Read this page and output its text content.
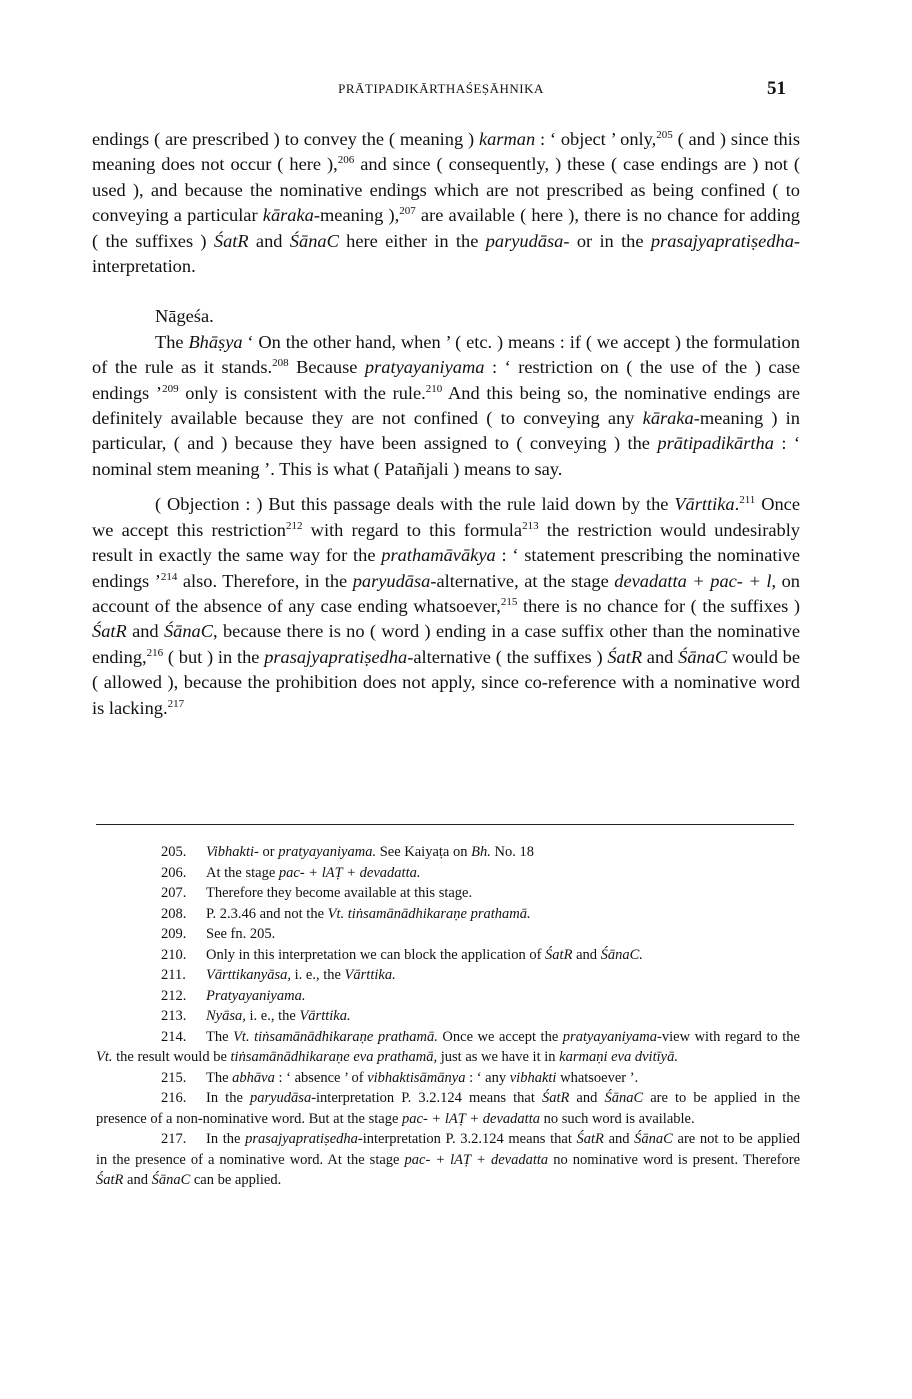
PRĀTIPADIKĀRTHAŚEṢĀHNIKA	51

endings ( are prescribed ) to convey the ( meaning ) karman : ‘ object ’ only,$^{205}$ ( and ) since this meaning does not occur ( here ),$^{206}$ and since ( consequently, ) these ( case endings are ) not ( used ), and because the nominative endings which are not prescribed as being confined ( to conveying a particular kāraka-meaning ),$^{207}$ are available ( here ), there is no chance for adding ( the suffixes ) ŚatR and ŚānaC here either in the paryudāsa- or in the prasajyapratiṣedha- interpretation.

Nāgeśa.

The Bhāṣya ‘ On the other hand, when ’ ( etc. ) means : if ( we accept ) the formulation of the rule as it stands.$^{208}$ Because pratyayaniyama : ‘ restriction on ( the use of the ) case endings ’$^{209}$ only is consistent with the rule.$^{210}$ And this being so, the nominative endings are definitely available because they are not confined ( to conveying any kāraka-meaning ) in particular, ( and ) because they have been assigned to ( conveying ) the prātipadikārtha : ‘ nominal stem meaning ’. This is what ( Patañjali ) means to say.

( Objection : ) But this passage deals with the rule laid down by the Vārttika.$^{211}$ Once we accept this restriction$^{212}$ with regard to this formula$^{213}$ the restriction would undesirably result in exactly the same way for the prathamāvākya : ‘ statement prescribing the nominative endings ’$^{214}$ also. Therefore, in the paryudāsa-alternative, at the stage devadatta + pac- + l, on account of the absence of any case ending whatsoever,$^{215}$ there is no chance for ( the suffixes ) ŚatR and ŚānaC, because there is no ( word ) ending in a case suffix other than the nominative ending,$^{216}$ ( but ) in the prasajyapratiṣedha-alternative ( the suffixes ) ŚatR and ŚānaC would be ( allowed ), because the prohibition does not apply, since co-reference with a nominative word is lacking.$^{217}$

205.	Vibhakti- or pratyayaniyama. See Kaiyaṭa on Bh. No. 18
206.	At the stage pac- + lAṬ + devadatta.
207.	Therefore they become available at this stage.
208.	P. 2.3.46 and not the Vt. tiṅsamānādhikaraṇe prathamā.
209.	See fn. 205.
210.	Only in this interpretation we can block the application of ŚatR and ŚānaC.
211.	Vārttikanyāsa, i. e., the Vārttika.
212.	Pratyayaniyama.
213.	Nyāsa, i. e., the Vārttika.
214. The Vt. tiṅsamānādhikaraṇe prathamā. Once we accept the pratyayaniyama-view with regard to the Vt. the result would be tiṅsamānādhikaraṇe eva prathamā, just as we have it in karmaṇi eva dvitīyā.
215.	The abhāva : ‘ absence ’ of vibhaktisāmānya : ‘ any vibhakti whatsoever ’.
216. In the paryudāsa-interpretation P. 3.2.124 means that ŚatR and ŚānaC are to be applied in the presence of a non-nominative word. But at the stage pac- + lAṬ + devadatta no such word is available.
217. In the prasajyapratiṣedha-interpretation P. 3.2.124 means that ŚatR and ŚānaC are not to be applied in the presence of a nominative word. At the stage pac- + lAṬ + devadatta no nominative word is present. Therefore ŚatR and ŚānaC can be applied.
